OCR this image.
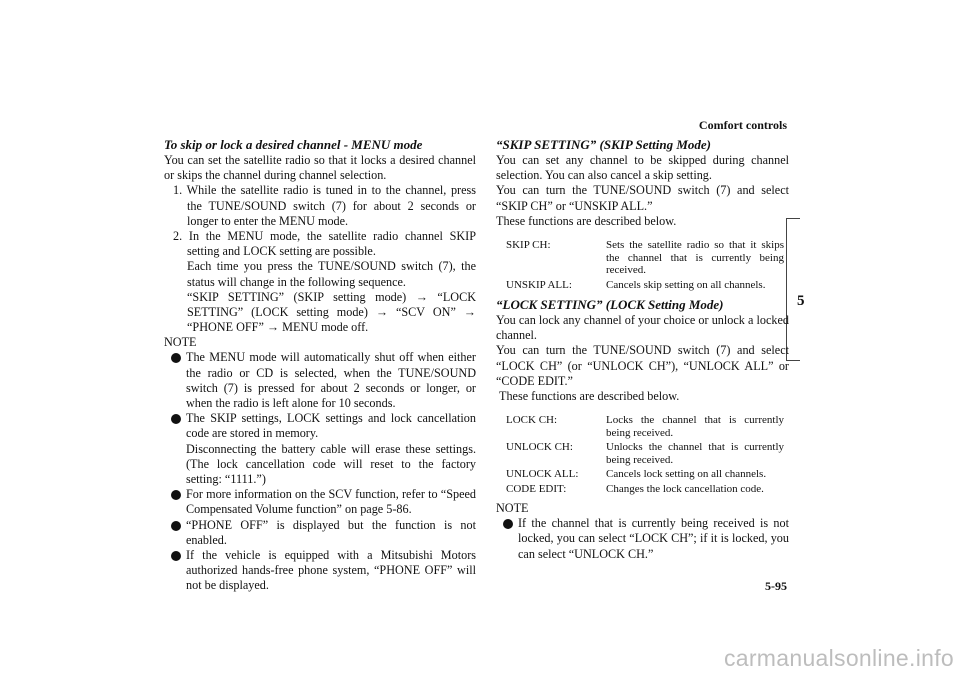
Comfort controls
5-95
5
To skip or lock a desired channel - MENU mode

You can set the satellite radio so that it locks a desired channel or skips the channel during channel selection.

1. While the satellite radio is tuned in to the channel, press the TUNE/SOUND switch (7) for about 2 seconds or longer to enter the MENU mode.
2. In the MENU mode, the satellite radio channel SKIP setting and LOCK setting are possible.
Each time you press the TUNE/SOUND switch (7), the status will change in the following sequence.
“SKIP SETTING” (SKIP setting mode) → “LOCK SETTING” (LOCK setting mode) → “SCV ON” → “PHONE OFF” → MENU mode off.

NOTE

The MENU mode will automatically shut off when either the radio or CD is selected, when the TUNE/SOUND switch (7) is pressed for about 2 seconds or longer, or when the radio is left alone for 10 seconds.
The SKIP settings, LOCK settings and lock cancellation code are stored in memory.
Disconnecting the battery cable will erase these settings. (The lock cancellation code will reset to the factory setting: “1111.”)
For more information on the SCV function, refer to “Speed Compensated Volume function” on page 5-86.
“PHONE OFF” is displayed but the function is not enabled.
If the vehicle is equipped with a Mitsubishi Motors authorized hands-free phone system, “PHONE OFF” will not be displayed.
“SKIP SETTING” (SKIP Setting Mode)

You can set any channel to be skipped during channel selection. You can also cancel a skip setting.

You can turn the TUNE/SOUND switch (7) and select “SKIP CH” or “UNSKIP ALL.”

These functions are described below.

SKIP CH:	Sets the satellite radio so that it skips the channel that is currently being received.
UNSKIP ALL:	Cancels skip setting on all channels.
“LOCK SETTING” (LOCK Setting Mode)

You can lock any channel of your choice or unlock a locked channel.

You can turn the TUNE/SOUND switch (7) and select “LOCK CH” (or “UNLOCK CH”), “UNLOCK ALL” or “CODE EDIT.”

These functions are described below.

LOCK CH:	Locks the channel that is currently being received.
UNLOCK CH:	Unlocks the channel that is currently being received.
UNLOCK ALL:	Cancels lock setting on all channels.
CODE EDIT:	Changes the lock cancellation code.

NOTE

If the channel that is currently being received is not locked, you can select “LOCK CH”; if it is locked, you can select “UNLOCK CH.”
carmanualsonline.info
